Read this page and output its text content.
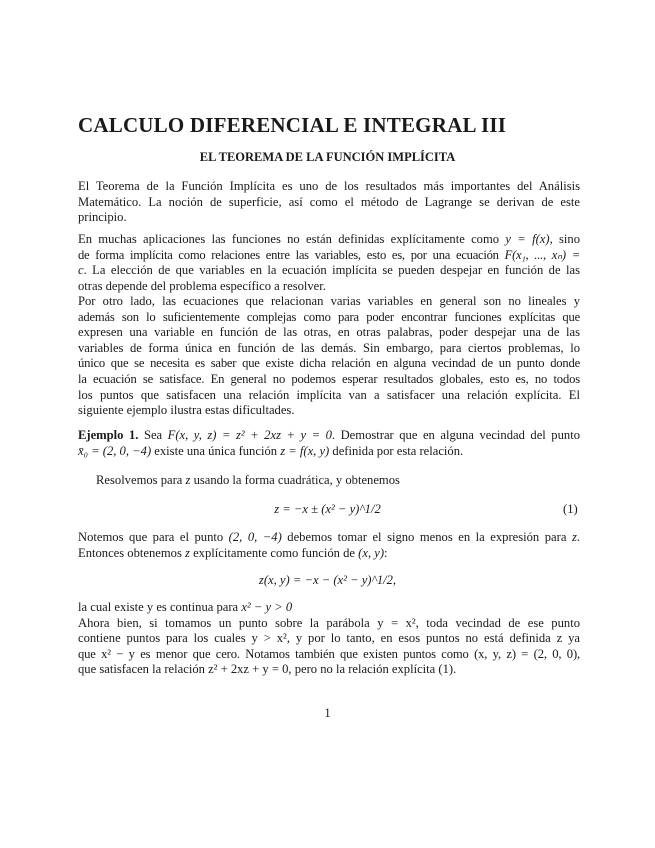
CALCULO DIFERENCIAL E INTEGRAL III
EL TEOREMA DE LA FUNCIÓN IMPLÍCITA
El Teorema de la Función Implícita es uno de los resultados más importantes del Análisis
Matemático. La noción de superficie, así como el método de Lagrange se derivan de este
principio.
En muchas aplicaciones las funciones no están definidas explícitamente como y = f(x), sino
de forma implícita como relaciones entre las variables, esto es, por una ecuación F(x₁, ..., xₙ) =
c. La elección de que variables en la ecuación implícita se pueden despejar en función de las
otras depende del problema específico a resolver.
Por otro lado, las ecuaciones que relacionan varias variables en general son no lineales y
además son lo suficientemente complejas como para poder encontrar funciones explícitas que
expresen una variable en función de las otras, en otras palabras, poder despejar una de las
variables de forma única en función de las demás. Sin embargo, para ciertos problemas, lo
único que se necesita es saber que existe dicha relación en alguna vecindad de un punto donde
la ecuación se satisface. En general no podemos esperar resultados globales, esto es, no todos
los puntos que satisfacen una relación implícita van a satisfacer una relación explícita. El
siguiente ejemplo ilustra estas dificultades.
Ejemplo 1. Sea F(x, y, z) = z² + 2xz + y = 0. Demostrar que en alguna vecindad del punto
x̄₀ = (2, 0, −4) existe una única función z = f(x, y) definida por esta relación.
Resolvemos para z usando la forma cuadrática, y obtenemos
z = −x ± (x² − y)^1/2	(1)
Notemos que para el punto (2, 0, −4) debemos tomar el signo menos en la expresión para z.
Entonces obtenemos z explícitamente como función de (x, y):
z(x, y) = −x − (x² − y)^1/2,
la cual existe y es continua para x² − y > 0
Ahora bien, si tomamos un punto sobre la parábola y = x², toda vecindad de ese punto
contiene puntos para los cuales y > x², y por lo tanto, en esos puntos no está definida z ya
que x² − y es menor que cero. Notamos también que existen puntos como (x, y, z) = (2, 0, 0),
que satisfacen la relación z² + 2xz + y = 0, pero no la relación explícita (1).
1
